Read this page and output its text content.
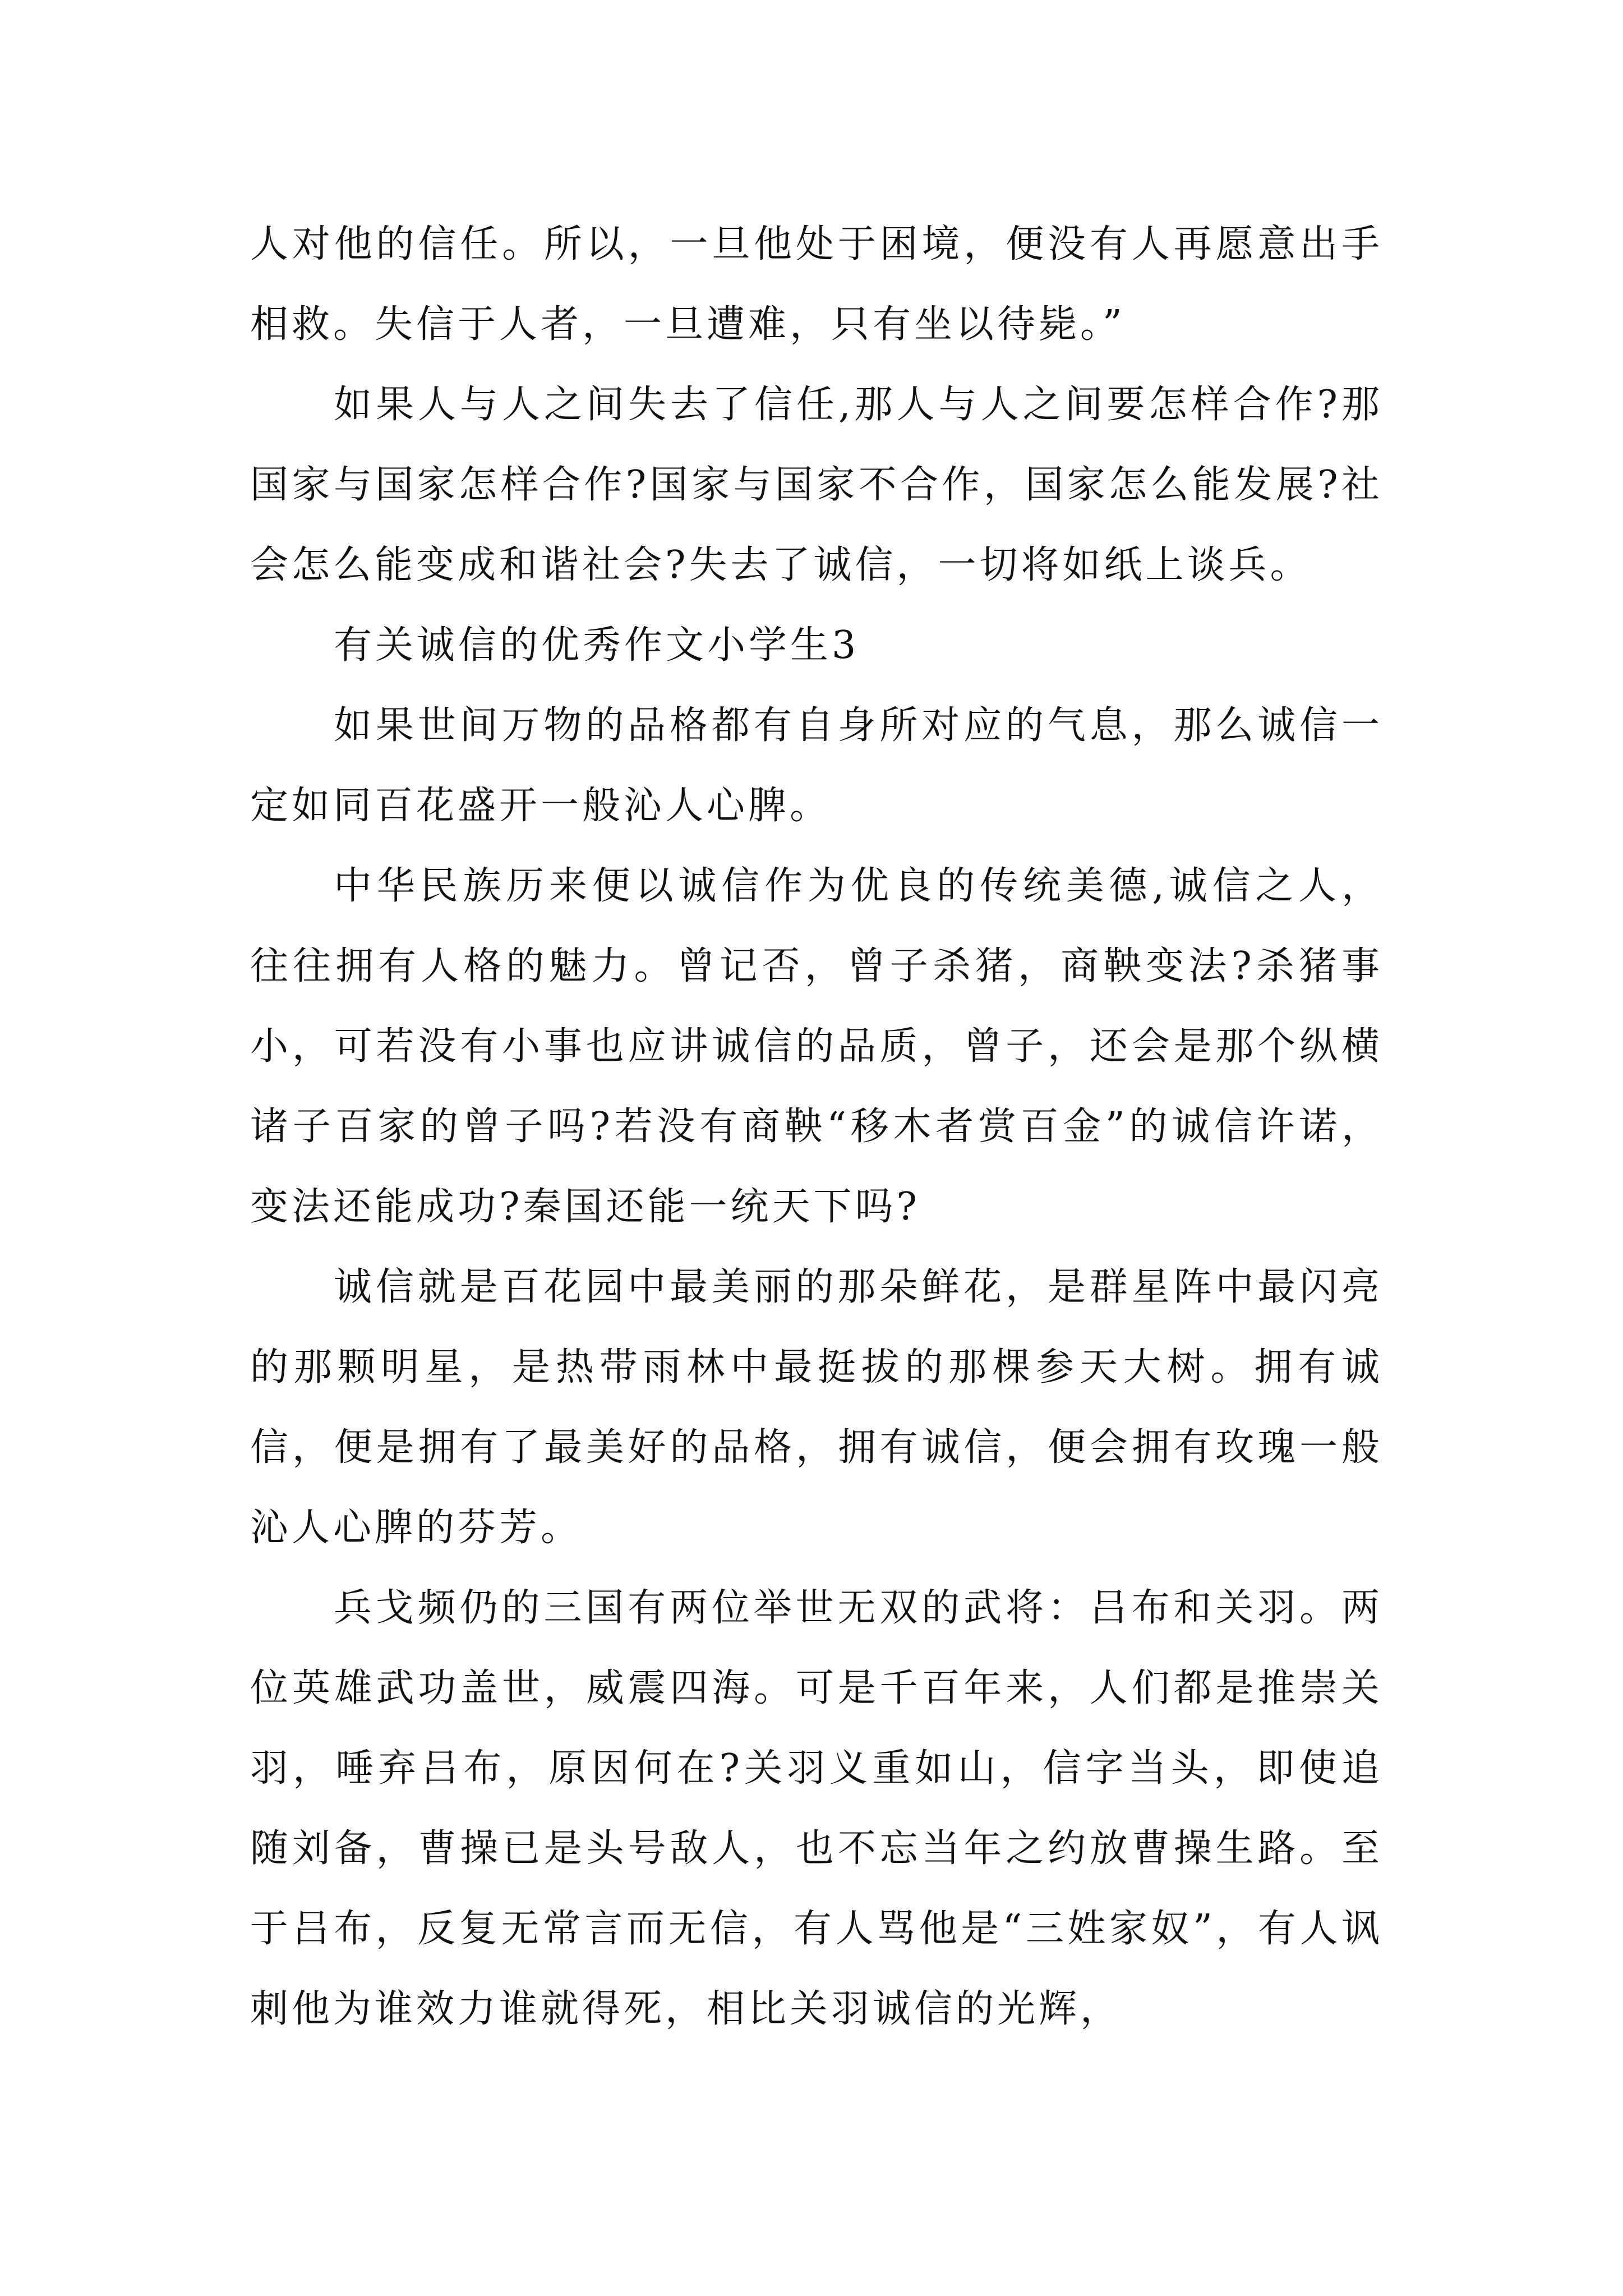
人对他的信任。所以，一旦他处于困境，便没有人再愿意出手相救。失信于人者，一旦遭难，只有坐以待毙。”

如果人与人之间失去了信任,那人与人之间要怎样合作?那国家与国家怎样合作?国家与国家不合作，国家怎么能发展?社会怎么能变成和谐社会?失去了诚信，一切将如纸上谈兵。

有关诚信的优秀作文小学生3

如果世间万物的品格都有自身所对应的气息，那么诚信一定如同百花盛开一般沁人心脾。

中华民族历来便以诚信作为优良的传统美德,诚信之人，往往拥有人格的魅力。曾记否，曾子杀猪，商鞅变法?杀猪事小，可若没有小事也应讲诚信的品质，曾子，还会是那个纵横诸子百家的曾子吗?若没有商鞅“移木者赏百金”的诚信许诺，变法还能成功?秦国还能一统天下吗?

诚信就是百花园中最美丽的那朵鲜花，是群星阵中最闪亮的那颗明星，是热带雨林中最挺拔的那棵参天大树。拥有诚信，便是拥有了最美好的品格，拥有诚信，便会拥有玫瑰一般沁人心脾的芬芳。

兵戈频仍的三国有两位举世无双的武将：吕布和关羽。两位英雄武功盖世，威震四海。可是千百年来，人们都是推崇关羽，唾弃吕布，原因何在?关羽义重如山，信字当头，即使追随刘备，曹操已是头号敌人，也不忘当年之约放曹操生路。至于吕布，反复无常言而无信，有人骂他是“三姓家奴”，有人讽刺他为谁效力谁就得死，相比关羽诚信的光辉，
